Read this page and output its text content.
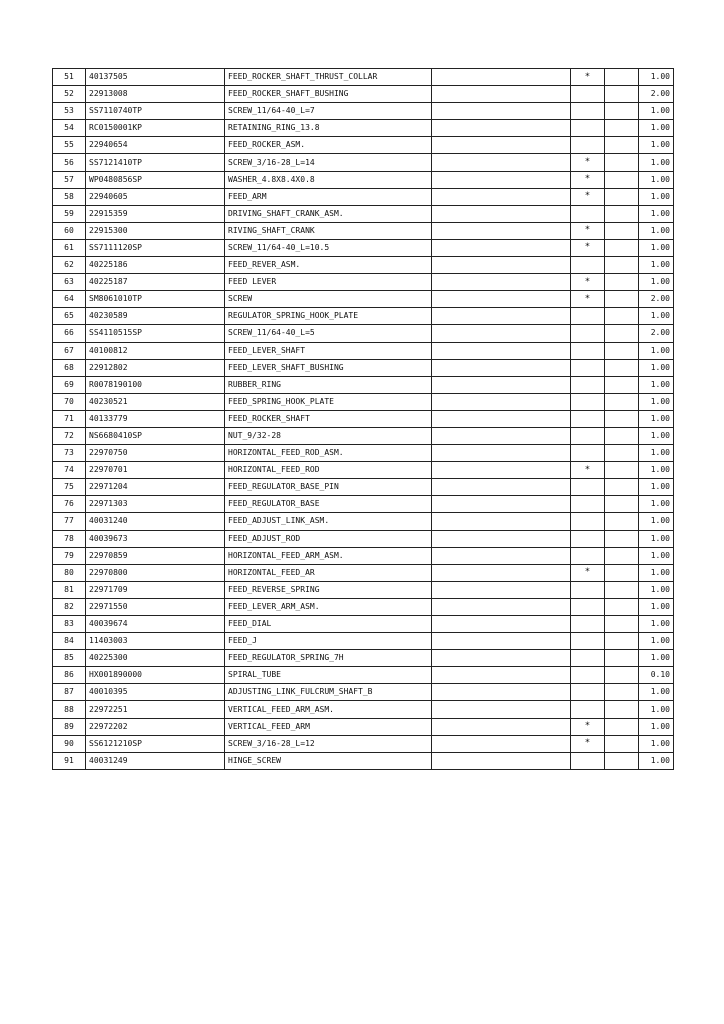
51	40137505	FEED_ROCKER_SHAFT_THRUST_COLLAR		*		1.00
52	22913008	FEED_ROCKER_SHAFT_BUSHING				2.00
53	SS7110740TP	SCREW_11/64-40_L=7				1.00
54	RC0150001KP	RETAINING_RING_13.8				1.00
55	22940654	FEED_ROCKER_ASM.				1.00
56	SS7121410TP	SCREW_3/16-28_L=14		*		1.00
57	WP0480856SP	WASHER_4.8X8.4X0.8		*		1.00
58	22940605	FEED_ARM		*		1.00
59	22915359	DRIVING_SHAFT_CRANK_ASM.				1.00
60	22915300	RIVING_SHAFT_CRANK		*		1.00
61	SS7111120SP	SCREW_11/64-40_L=10.5		*		1.00
62	40225186	FEED_REVER_ASM.				1.00
63	40225187	FEED LEVER		*		1.00
64	SM8061010TP	SCREW		*		2.00
65	40230589	REGULATOR_SPRING_HOOK_PLATE				1.00
66	SS4110515SP	SCREW_11/64-40_L=5				2.00
67	40100812	FEED_LEVER_SHAFT				1.00
68	22912802	FEED_LEVER_SHAFT_BUSHING				1.00
69	R0078190100	RUBBER_RING				1.00
70	40230521	FEED_SPRING_HOOK_PLATE				1.00
71	40133779	FEED_ROCKER_SHAFT				1.00
72	NS6680410SP	NUT_9/32-28				1.00
73	22970750	HORIZONTAL_FEED_ROD_ASM.				1.00
74	22970701	HORIZONTAL_FEED_ROD		*		1.00
75	22971204	FEED_REGULATOR_BASE_PIN				1.00
76	22971303	FEED_REGULATOR_BASE				1.00
77	40031240	FEED_ADJUST_LINK_ASM.				1.00
78	40039673	FEED_ADJUST_ROD				1.00
79	22970859	HORIZONTAL_FEED_ARM_ASM.				1.00
80	22970800	HORIZONTAL_FEED_AR		*		1.00
81	22971709	FEED_REVERSE_SPRING				1.00
82	22971550	FEED_LEVER_ARM_ASM.				1.00
83	40039674	FEED_DIAL				1.00
84	11403003	FEED_J				1.00
85	40225300	FEED_REGULATOR_SPRING_7H				1.00
86	HX001890000	SPIRAL_TUBE				0.10
87	40010395	ADJUSTING_LINK_FULCRUM_SHAFT_B				1.00
88	22972251	VERTICAL_FEED_ARM_ASM.				1.00
89	22972202	VERTICAL_FEED_ARM		*		1.00
90	SS6121210SP	SCREW_3/16-28_L=12		*		1.00
91	40031249	HINGE_SCREW				1.00
